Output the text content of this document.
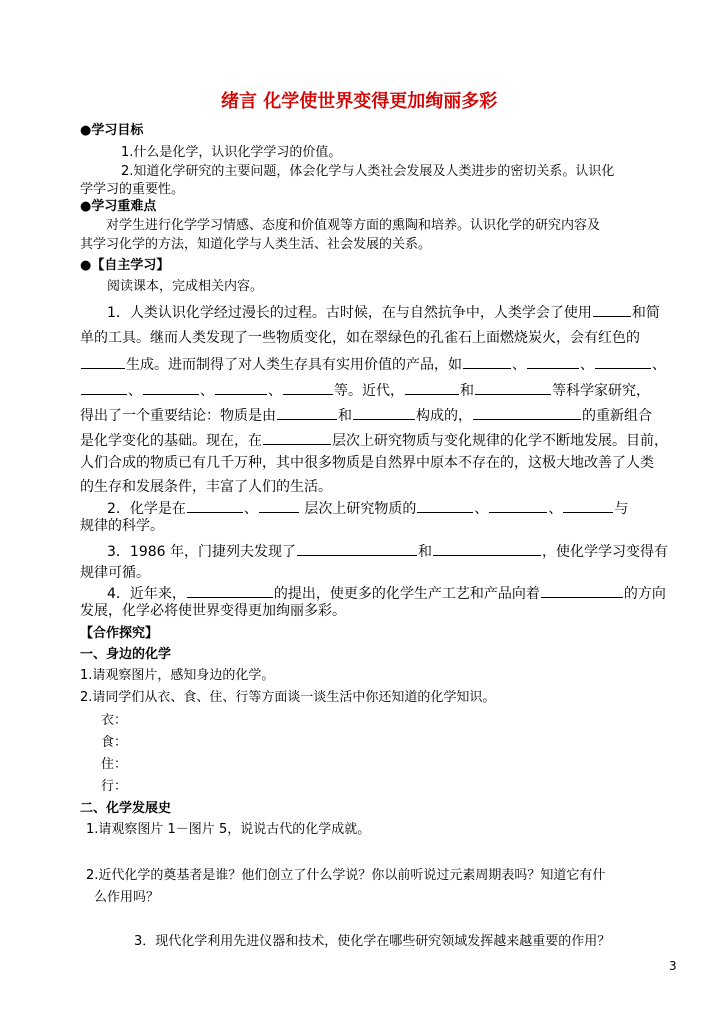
绪言 化学使世界变得更加绚丽多彩
●学习目标
1.什么是化学，认识化学学习的价值。
2.知道化学研究的主要问题，体会化学与人类社会发展及人类进步的密切关系。认识化
学学习的重要性。
●学习重难点
对学生进行化学学习情感、态度和价值观等方面的熏陶和培养。认识化学的研究内容及
其学习化学的方法，知道化学与人类生活、社会发展的关系。
●【自主学习】
阅读课本，完成相关内容。
1．人类认识化学经过漫长的过程。古时候，在与自然抗争中，人类学会了使用	和简
单的工具。继而人类发现了一些物质变化，如在翠绿色的孔雀石上面燃烧炭火，会有红色的
生成。进而制得了对人类生存具有实用价值的产品，如	、	、	、
、	、	、	等。近代，	和	等科学家研究，
得出了一个重要结论：物质是由	和	构成的，	的重新组合
是化学变化的基础。现在，在	层次上研究物质与变化规律的化学不断地发展。目前，
人们合成的物质已有几千万种，其中很多物质是自然界中原本不存在的，这极大地改善了人类
的生存和发展条件，丰富了人们的生活。
2．化学是在	、	层次上研究物质的	、	、	与
规律的科学。
3．1986 年，门捷列夫发现了	和	，使化学学习变得有
规律可循。
4．近年来，	的提出，使更多的化学生产工艺和产品向着	的方向
发展，化学必将使世界变得更加绚丽多彩。
【合作探究】
一、身边的化学
1.请观察图片，感知身边的化学。
2.请同学们从衣、食、住、行等方面谈一谈生活中你还知道的化学知识。
衣：
食：
住：
行：
二、化学发展史
1.请观察图片 1－图片 5，说说古代的化学成就。
2.近代化学的奠基者是谁？他们创立了什么学说？你以前听说过元素周期表吗？知道它有什
么作用吗？
3．现代化学利用先进仪器和技术，使化学在哪些研究领域发挥越来越重要的作用？
3
